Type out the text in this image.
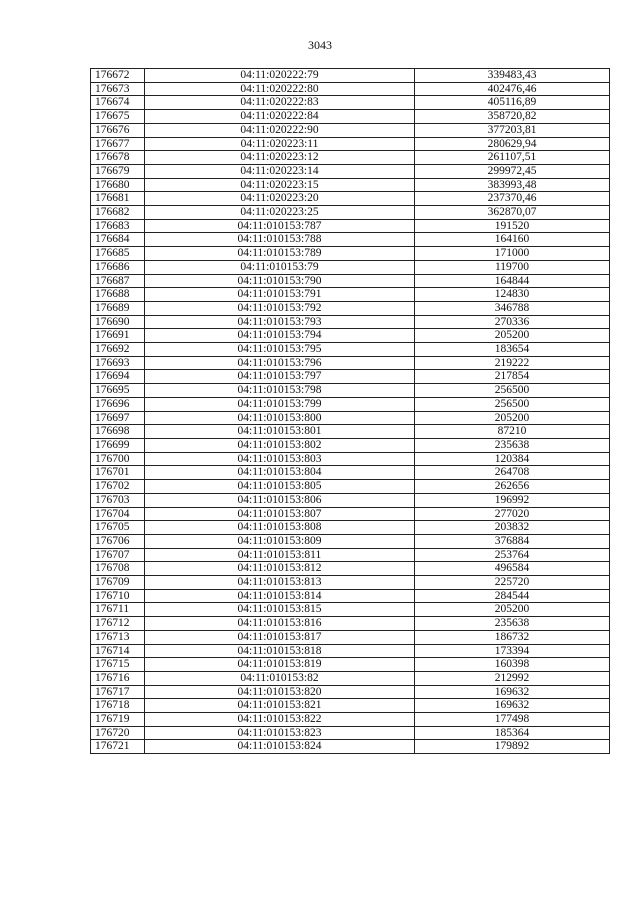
3043
176672	04:11:020222:79	339483,43
176673	04:11:020222:80	402476,46
176674	04:11:020222:83	405116,89
176675	04:11:020222:84	358720,82
176676	04:11:020222:90	377203,81
176677	04:11:020223:11	280629,94
176678	04:11:020223:12	261107,51
176679	04:11:020223:14	299972,45
176680	04:11:020223:15	383993,48
176681	04:11:020223:20	237370,46
176682	04:11:020223:25	362870,07
176683	04:11:010153:787	191520
176684	04:11:010153:788	164160
176685	04:11:010153:789	171000
176686	04:11:010153:79	119700
176687	04:11:010153:790	164844
176688	04:11:010153:791	124830
176689	04:11:010153:792	346788
176690	04:11:010153:793	270336
176691	04:11:010153:794	205200
176692	04:11:010153:795	183654
176693	04:11:010153:796	219222
176694	04:11:010153:797	217854
176695	04:11:010153:798	256500
176696	04:11:010153:799	256500
176697	04:11:010153:800	205200
176698	04:11:010153:801	87210
176699	04:11:010153:802	235638
176700	04:11:010153:803	120384
176701	04:11:010153:804	264708
176702	04:11:010153:805	262656
176703	04:11:010153:806	196992
176704	04:11:010153:807	277020
176705	04:11:010153:808	203832
176706	04:11:010153:809	376884
176707	04:11:010153:811	253764
176708	04:11:010153:812	496584
176709	04:11:010153:813	225720
176710	04:11:010153:814	284544
176711	04:11:010153:815	205200
176712	04:11:010153:816	235638
176713	04:11:010153:817	186732
176714	04:11:010153:818	173394
176715	04:11:010153:819	160398
176716	04:11:010153:82	212992
176717	04:11:010153:820	169632
176718	04:11:010153:821	169632
176719	04:11:010153:822	177498
176720	04:11:010153:823	185364
176721	04:11:010153:824	179892
